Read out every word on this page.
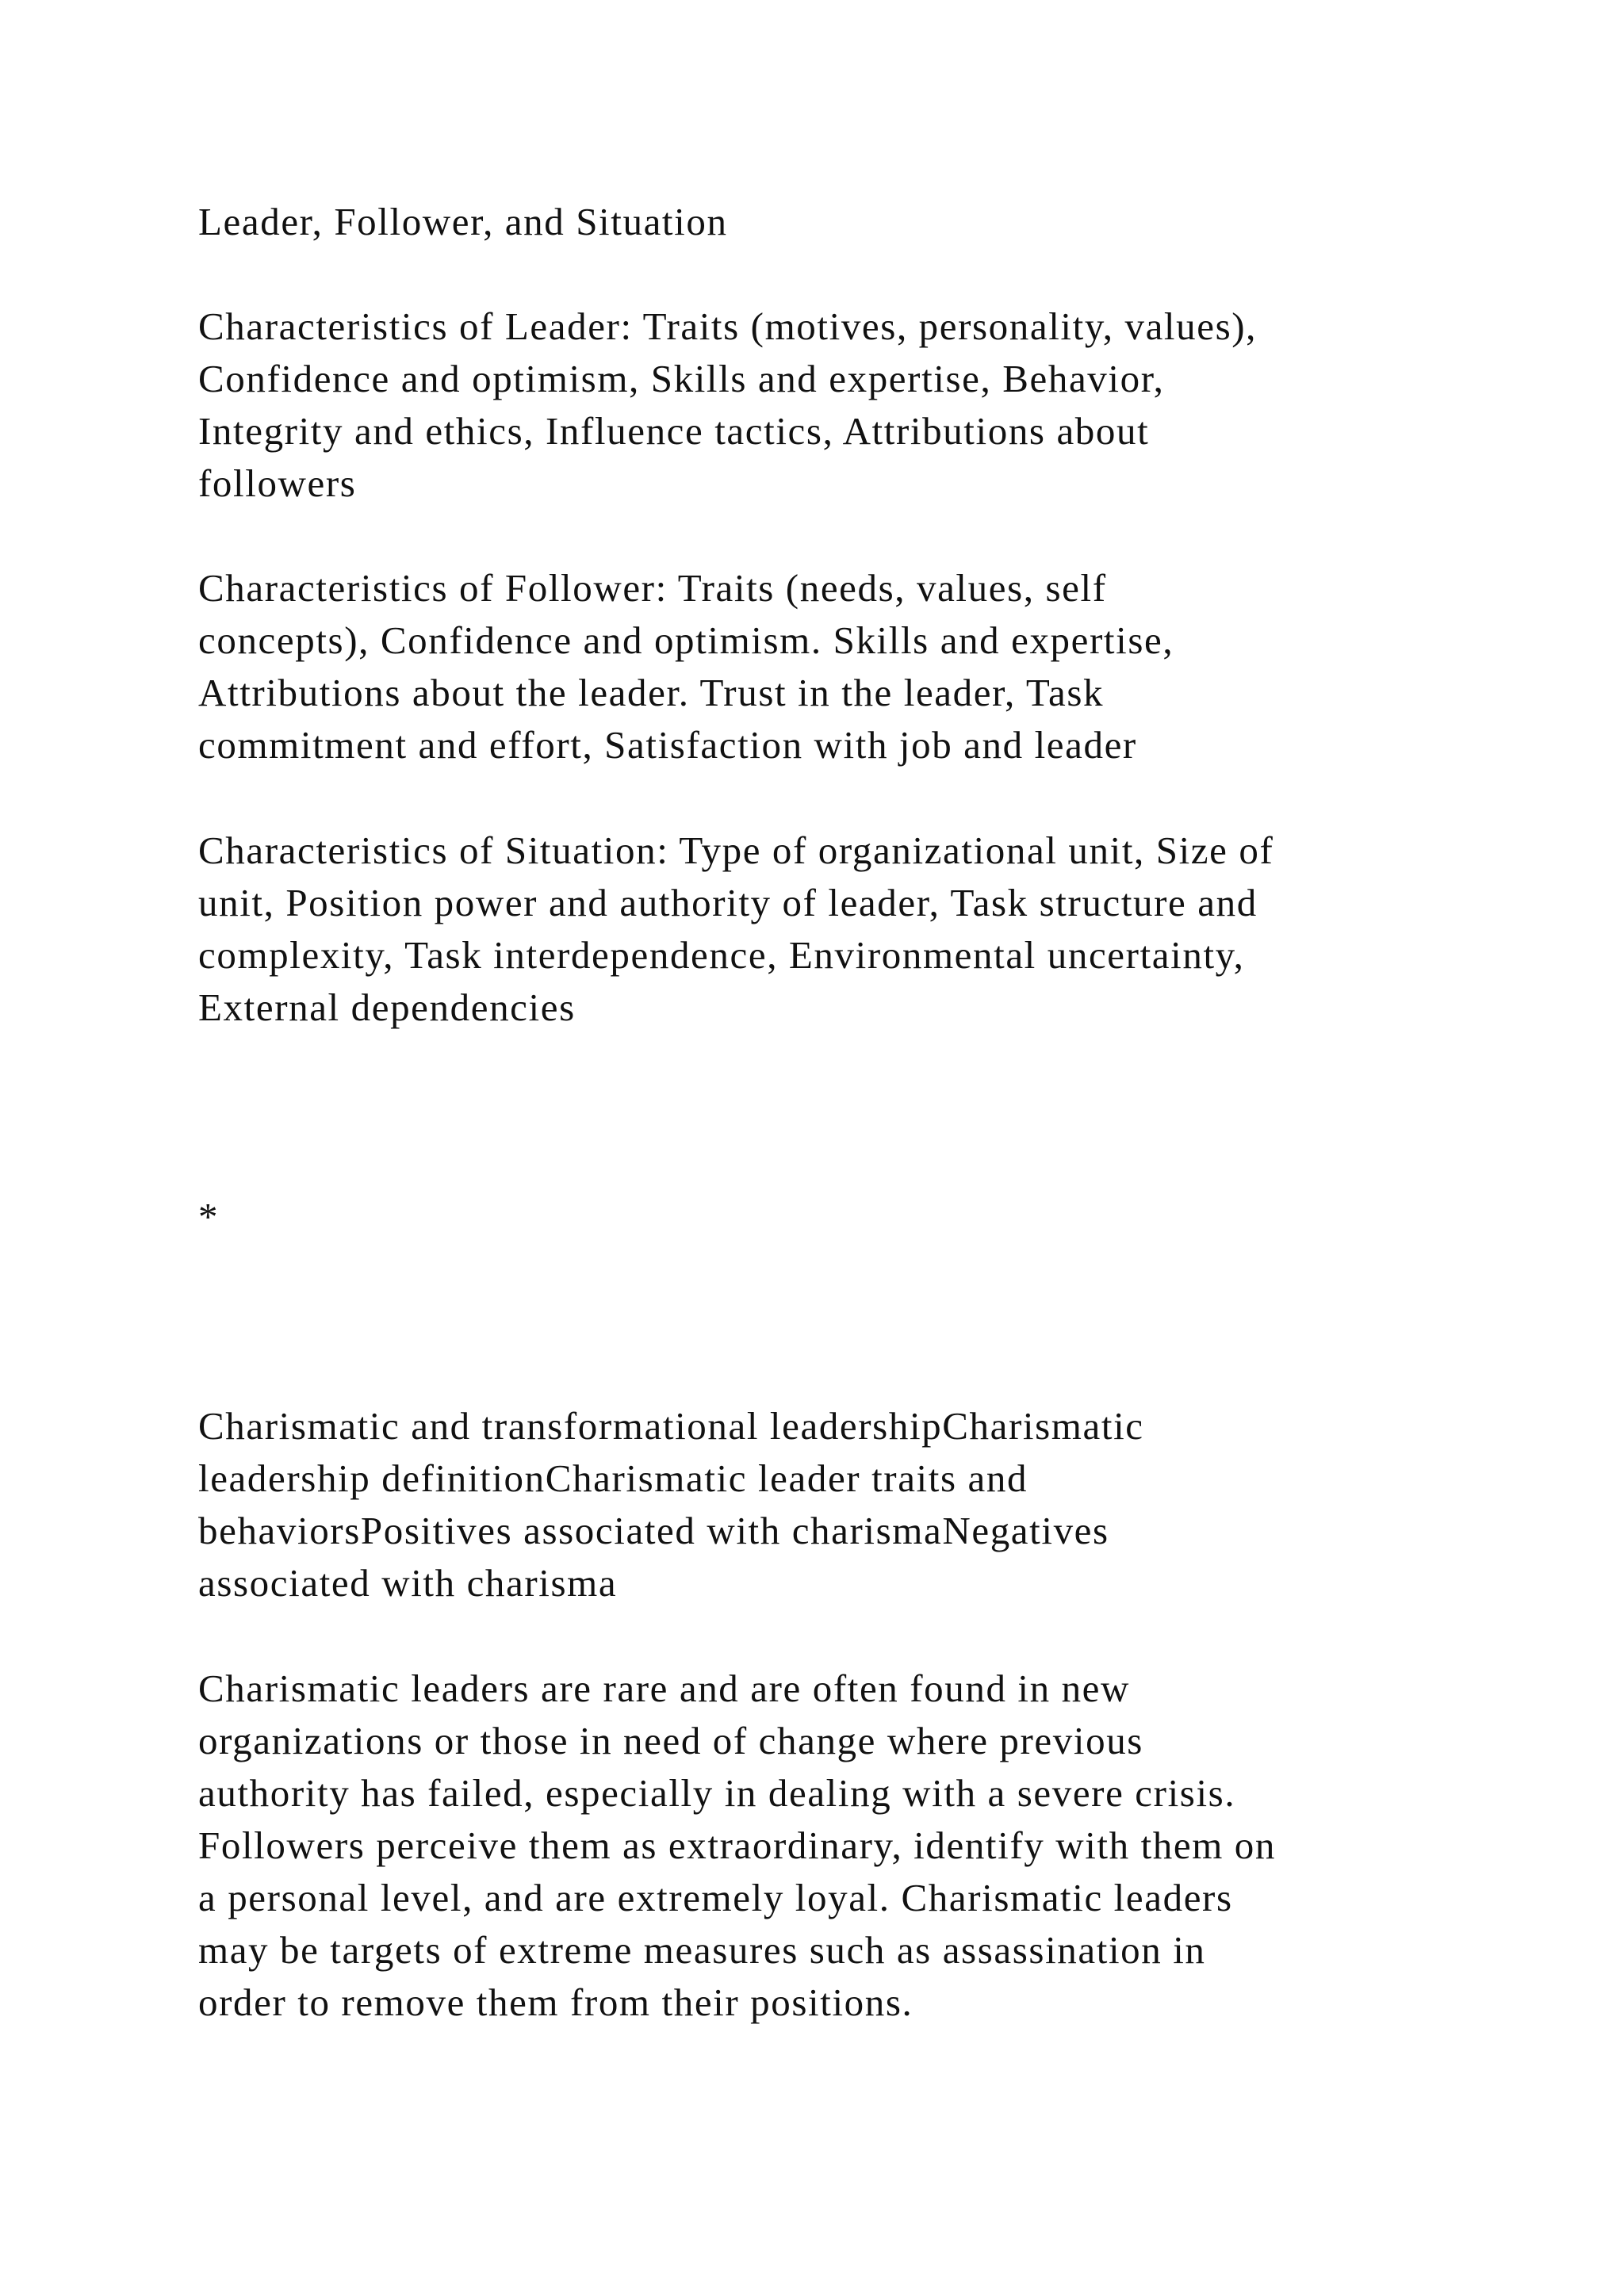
Leader, Follower, and Situation

Characteristics of Leader: Traits (motives, personality, values),
Confidence and optimism, Skills and expertise, Behavior,
Integrity and ethics, Influence tactics, Attributions about
followers

Characteristics of Follower: Traits (needs, values, self
concepts), Confidence and optimism. Skills and expertise,
Attributions about the leader. Trust in the leader, Task
commitment and effort, Satisfaction with job and leader

Characteristics of Situation: Type of organizational unit, Size of
unit, Position power and authority of leader, Task structure and
complexity, Task interdependence, Environmental uncertainty,
External dependencies

*

Charismatic and transformational leadershipCharismatic
leadership definitionCharismatic leader traits and
behaviorsPositives associated with charismaNegatives
associated with charisma

Charismatic leaders are rare and are often found in new
organizations or those in need of change where previous
authority has failed, especially in dealing with a severe crisis.
Followers perceive them as extraordinary, identify with them on
a personal level, and are extremely loyal. Charismatic leaders
may be targets of extreme measures such as assassination in
order to remove them from their positions.
